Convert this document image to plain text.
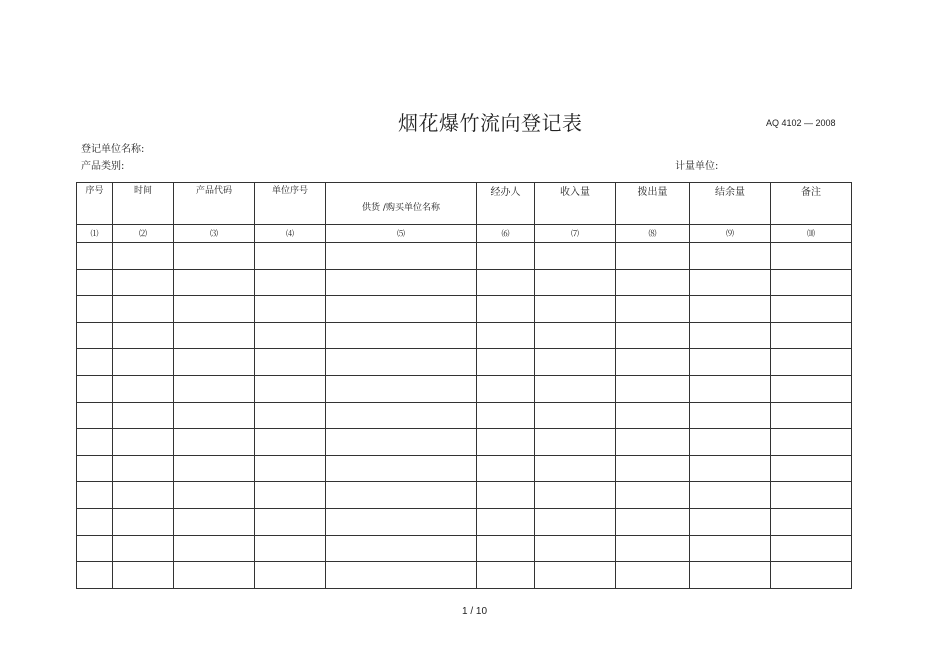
烟花爆竹流向登记表	AQ 4102 — 2008
登记单位名称:
产品类别:	计量单位:
序号	时间	产品代码	单位序号	供货 /购买单位名称	经办人	收入量	拨出量	结余量	备注
⑴	⑵	⑶	⑷	⑸	⑹	⑺	⑻	⑼	⑽

1 / 10
